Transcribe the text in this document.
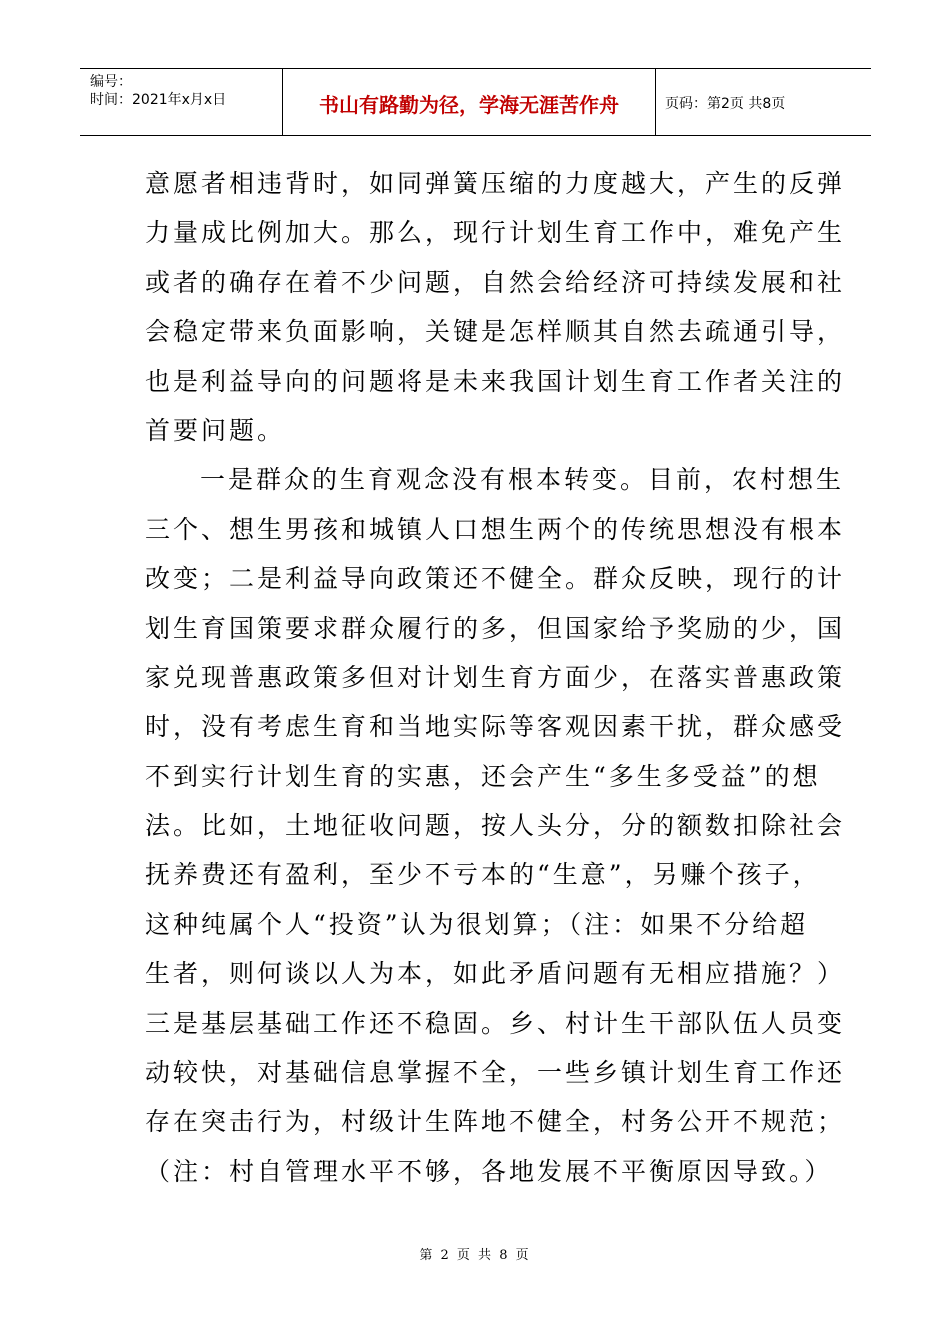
编号：
时间：2021年x月x日	书山有路勤为径，学海无涯苦作舟	页码：第2页 共8页
意愿者相违背时，如同弹簧压缩的力度越大，产生的反弹
力量成比例加大。那么，现行计划生育工作中，难免产生
或者的确存在着不少问题，自然会给经济可持续发展和社
会稳定带来负面影响，关键是怎样顺其自然去疏通引导，
也是利益导向的问题将是未来我国计划生育工作者关注的
首要问题。
一是群众的生育观念没有根本转变。目前，农村想生
三个、想生男孩和城镇人口想生两个的传统思想没有根本
改变；二是利益导向政策还不健全。群众反映，现行的计
划生育国策要求群众履行的多，但国家给予奖励的少，国
家兑现普惠政策多但对计划生育方面少，在落实普惠政策
时，没有考虑生育和当地实际等客观因素干扰，群众感受
不到实行计划生育的实惠，还会产生“多生多受益”的想
法。比如，土地征收问题，按人头分，分的额数扣除社会
抚养费还有盈利，至少不亏本的“生意”，另赚个孩子，
这种纯属个人“投资”认为很划算；（注：如果不分给超
生者，则何谈以人为本，如此矛盾问题有无相应措施？）
三是基层基础工作还不稳固。乡、村计生干部队伍人员变
动较快，对基础信息掌握不全，一些乡镇计划生育工作还
存在突击行为，村级计生阵地不健全，村务公开不规范；
（注：村自管理水平不够，各地发展不平衡原因导致。）
第 2 页 共 8 页
